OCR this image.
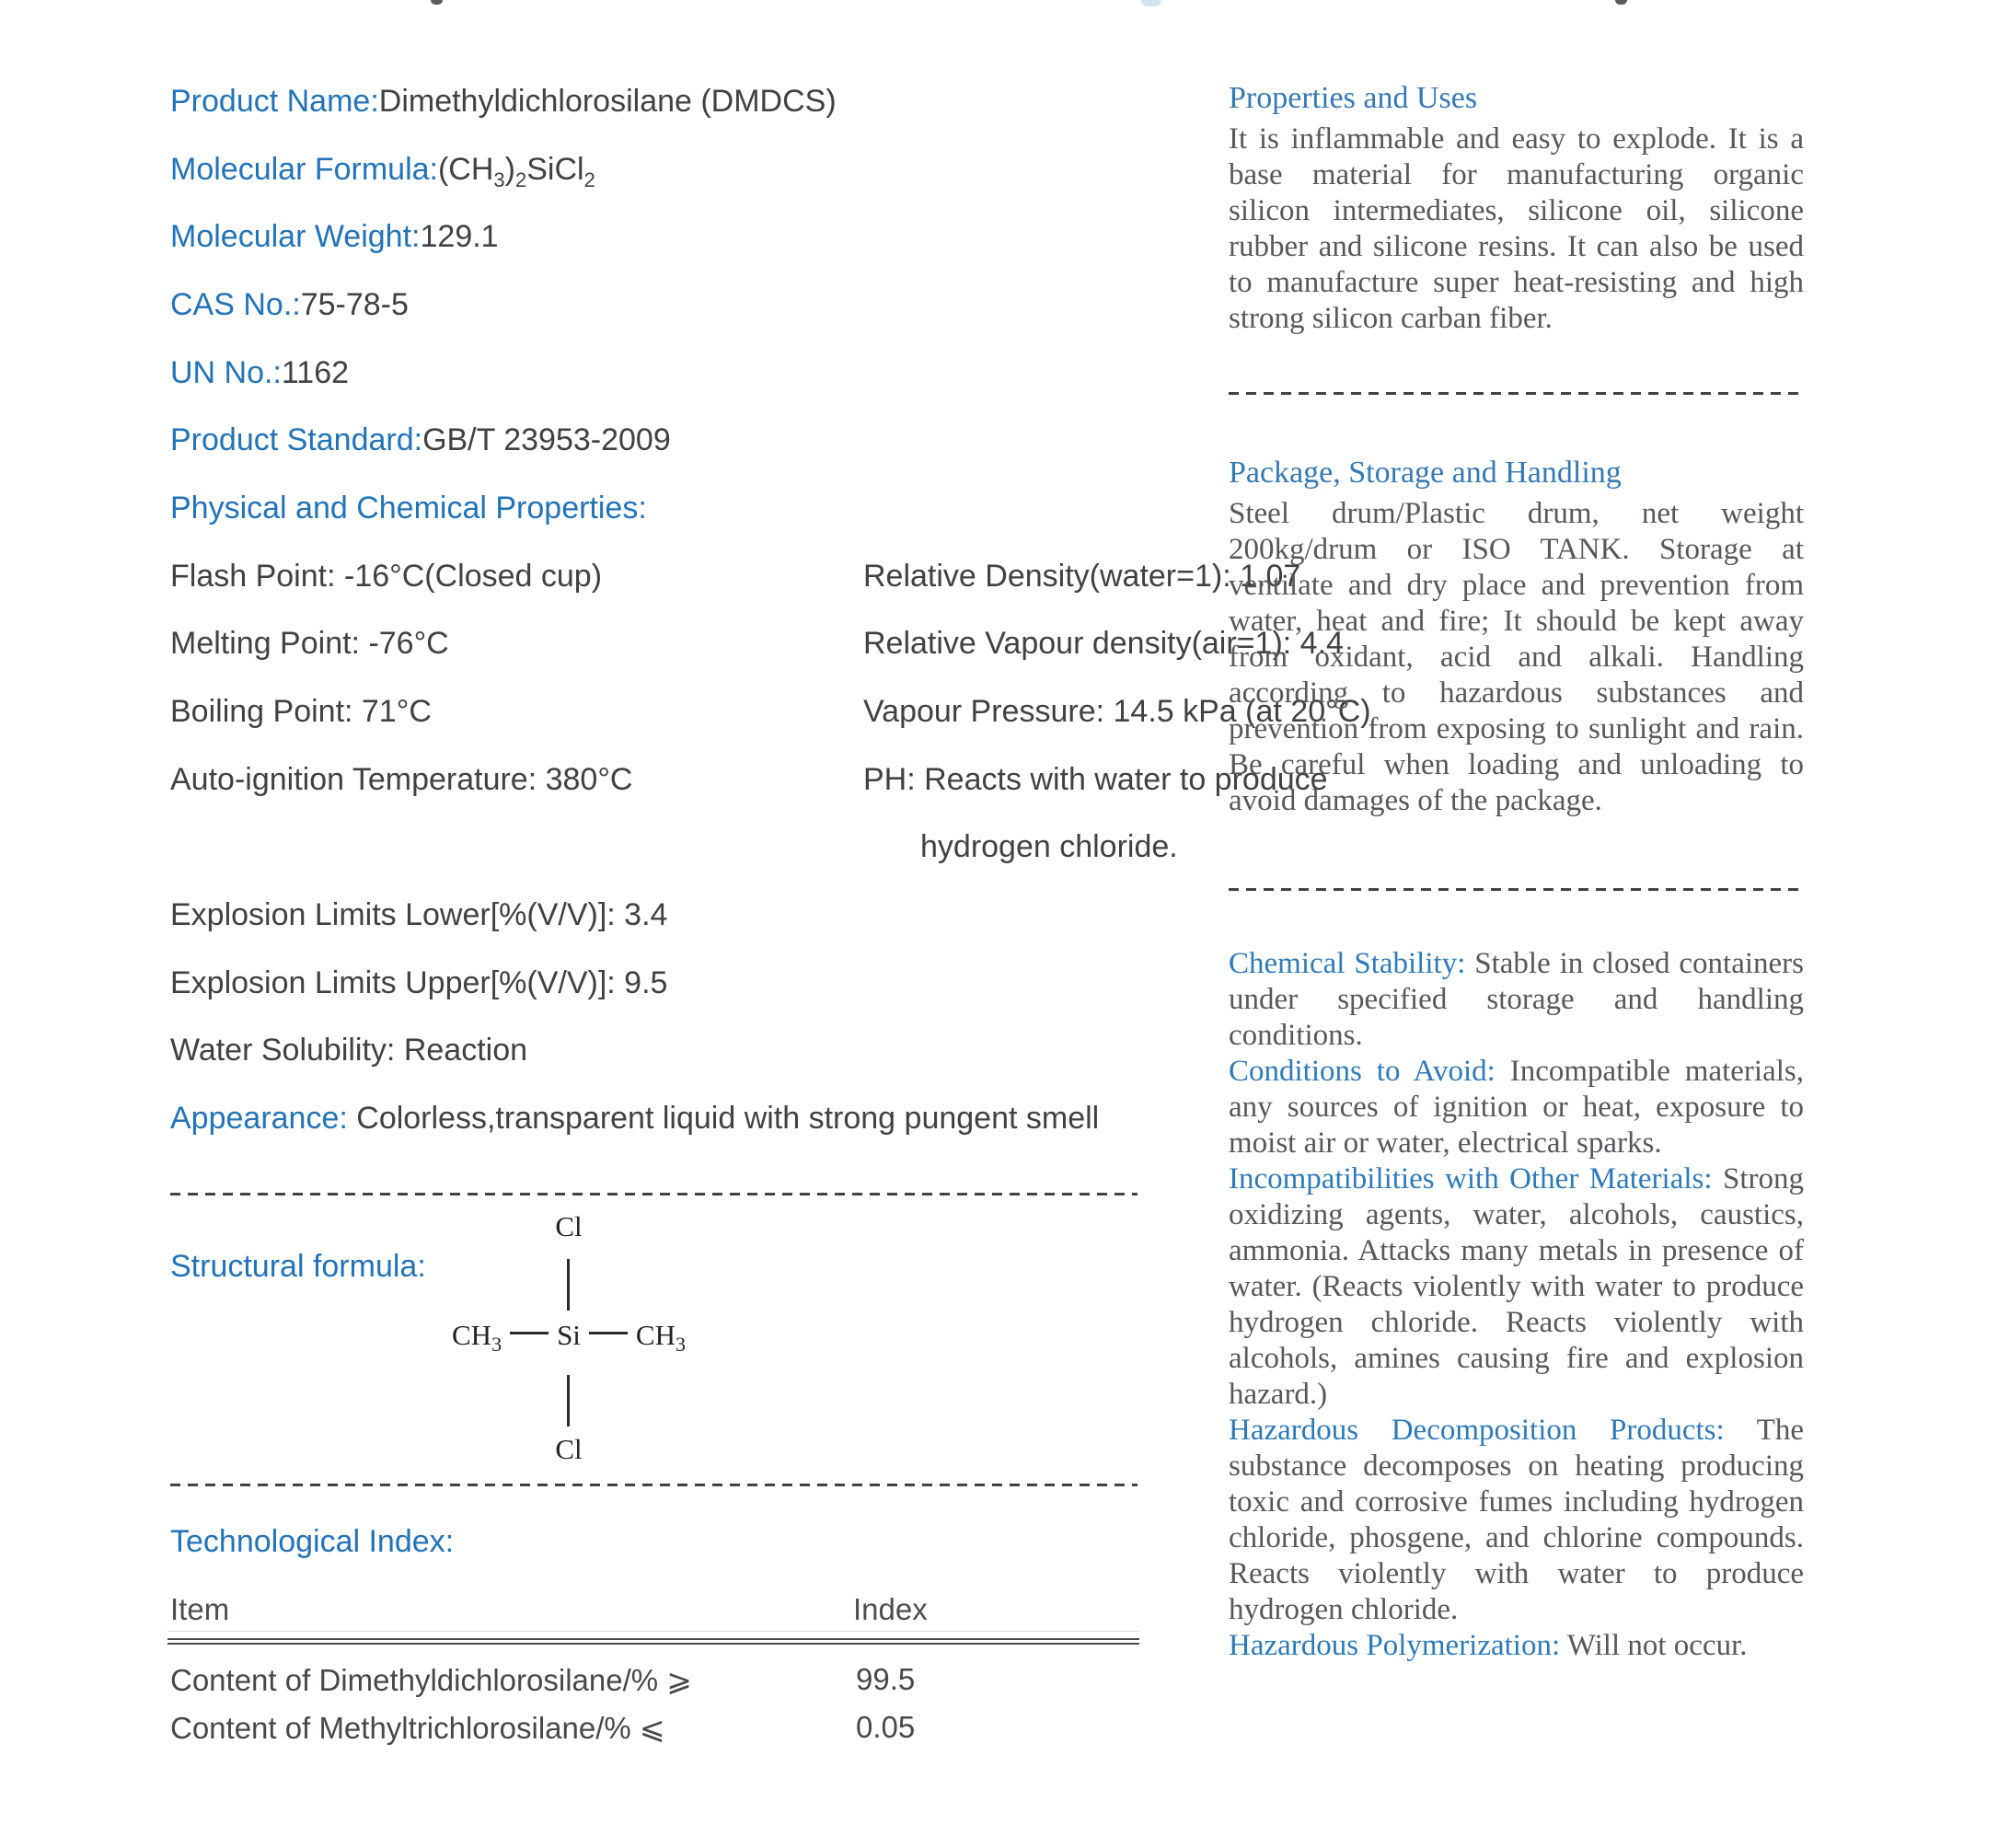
Product Name:Dimethyldichlorosilane (DMDCS)
Molecular $Formula:(CH_3)_2SiCl_2$
Molecular Weight:129.1
CAS No.:75-78-5
UN No.:1162
Product Standard:GB/T 23953-2009
Physical and Chemical Properties:
Flash Point: -16°C(Closed cup)	Relative Density(water=1): 1.07
Melting Point: -76°C	Relative Vapour density(air=1): 4.4
Boiling Point: 71°C	Vapour Pressure: 14.5 kPa (at 20°C)
Auto-ignition Temperature: 380°C	PH: Reacts with water to produce
hydrogen chloride.
Explosion Limits Lower[%(V/V)]: 3.4
Explosion Limits Upper[%(V/V)]: 9.5
Water Solubility: Reaction
Appearance: Colorless,transparent liquid with strong pungent smell
Structural formula:
Cl
$CH_3$ Si $CH_3$
Cl
Technological Index:
Item	Index
Content of Dimethyldichlorosilane/% ⩾	99.5
Content of Methyltrichlorosilane/% ⩽	0.05
Properties and Uses

It is inflammable and easy to explode. It is a base material for manufacturing organic silicon intermediates, silicone oil, silicone rubber and silicone resins. It can also be used to manufacture super heat-resisting and high strong silicon carban fiber.

Package, Storage and Handling

Steel drum/Plastic drum, net weight 200kg/drum or ISO TANK. Storage at ventilate and dry place and prevention from water, heat and fire; It should be kept away from oxidant, acid and alkali. Handling according to hazardous substances and prevention from exposing to sunlight and rain. Be careful when loading and unloading to avoid damages of the package.

Chemical Stability: Stable in closed containers under specified storage and handling conditions.

Conditions to Avoid: Incompatible materials, any sources of ignition or heat, exposure to moist air or water, electrical sparks.

Incompatibilities with Other Materials: Strong oxidizing agents, water, alcohols, caustics, ammonia. Attacks many metals in presence of water. (Reacts violently with water to produce hydrogen chloride. Reacts violently with alcohols, amines causing fire and explosion hazard.)

Hazardous Decomposition Products: The substance decomposes on heating producing toxic and corrosive fumes including hydrogen chloride, phosgene, and chlorine compounds. Reacts violently with water to produce hydrogen chloride.

Hazardous Polymerization: Will not occur.
